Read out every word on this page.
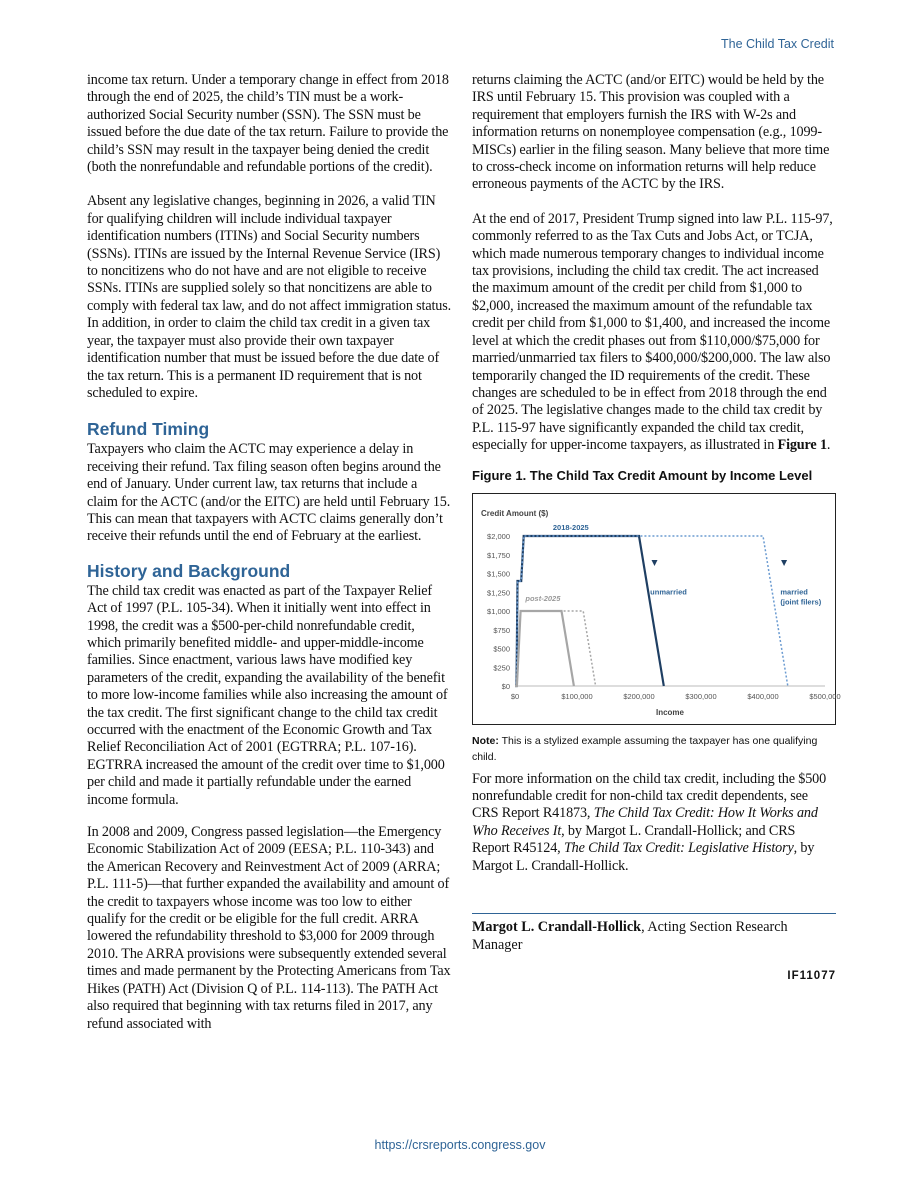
The Child Tax Credit

income tax return. Under a temporary change in effect from 2018 through the end of 2025, the child’s TIN must be a work-authorized Social Security number (SSN). The SSN must be issued before the due date of the tax return. Failure to provide the child’s SSN may result in the taxpayer being denied the credit (both the nonrefundable and refundable portions of the credit).

Absent any legislative changes, beginning in 2026, a valid TIN for qualifying children will include individual taxpayer identification numbers (ITINs) and Social Security numbers (SSNs). ITINs are issued by the Internal Revenue Service (IRS) to noncitizens who do not have and are not eligible to receive SSNs. ITINs are supplied solely so that noncitizens are able to comply with federal tax law, and do not affect immigration status. In addition, in order to claim the child tax credit in a given tax year, the taxpayer must also provide their own taxpayer identification number that must be issued before the due date of the tax return. This is a permanent ID requirement that is not scheduled to expire.

Refund Timing

Taxpayers who claim the ACTC may experience a delay in receiving their refund. Tax filing season often begins around the end of January. Under current law, tax returns that include a claim for the ACTC (and/or the EITC) are held until February 15. This can mean that taxpayers with ACTC claims generally don’t receive their refunds until the end of February at the earliest.

History and Background

The child tax credit was enacted as part of the Taxpayer Relief Act of 1997 (P.L. 105-34). When it initially went into effect in 1998, the credit was a $500-per-child nonrefundable credit, which primarily benefited middle- and upper-middle-income families. Since enactment, various laws have modified key parameters of the credit, expanding the availability of the benefit to more low-income families while also increasing the amount of the tax credit. The first significant change to the child tax credit occurred with the enactment of the Economic Growth and Tax Relief Reconciliation Act of 2001 (EGTRRA; P.L. 107-16). EGTRRA increased the amount of the credit over time to $1,000 per child and made it partially refundable under the earned income formula.

In 2008 and 2009, Congress passed legislation—the Emergency Economic Stabilization Act of 2009 (EESA; P.L. 110-343) and the American Recovery and Reinvestment Act of 2009 (ARRA; P.L. 111-5)—that further expanded the availability and amount of the credit to taxpayers whose income was too low to either qualify for the credit or be eligible for the full credit. ARRA lowered the refundability threshold to $3,000 for 2009 through 2010. The ARRA provisions were subsequently extended several times and made permanent by the Protecting Americans from Tax Hikes (PATH) Act (Division Q of P.L. 114-113). The PATH Act also required that beginning with tax returns filed in 2017, any refund associated with

returns claiming the ACTC (and/or EITC) would be held by the IRS until February 15. This provision was coupled with a requirement that employers furnish the IRS with W-2s and information returns on nonemployee compensation (e.g., 1099-MISCs) earlier in the filing season. Many believe that more time to cross-check income on information returns will help reduce erroneous payments of the ACTC by the IRS.

At the end of 2017, President Trump signed into law P.L. 115-97, commonly referred to as the Tax Cuts and Jobs Act, or TCJA, which made numerous temporary changes to individual income tax provisions, including the child tax credit. The act increased the maximum amount of the credit per child from $1,000 to $2,000, increased the maximum amount of the refundable tax credit per child from $1,000 to $1,400, and increased the income level at which the credit phases out from $110,000/$75,000 for married/unmarried tax filers to $400,000/$200,000. The law also temporarily changed the ID requirements of the credit. These changes are scheduled to be in effect from 2018 through the end of 2025. The legislative changes made to the child tax credit by P.L. 115-97 have significantly expanded the child tax credit, especially for upper-income taxpayers, as illustrated in Figure 1.

Figure 1. The Child Tax Credit Amount by Income Level
Credit Amount ($)
$0
$250
$500
$750
$1,000
$1,250
$1,500
$1,750
$2,000
$0	$100,000	$200,000	$300,000	$400,000	$500,000
Income
2018-2025
post-2025
unmarried	married
(joint filers)

Note: This is a stylized example assuming the taxpayer has one qualifying child.

For more information on the child tax credit, including the $500 nonrefundable credit for non-child tax credit dependents, see CRS Report R41873, The Child Tax Credit: How It Works and Who Receives It, by Margot L. Crandall-Hollick; and CRS Report R45124, The Child Tax Credit: Legislative History, by Margot L. Crandall-Hollick.

Margot L. Crandall-Hollick, Acting Section Research Manager

IF11077
https://crsreports.congress.gov
